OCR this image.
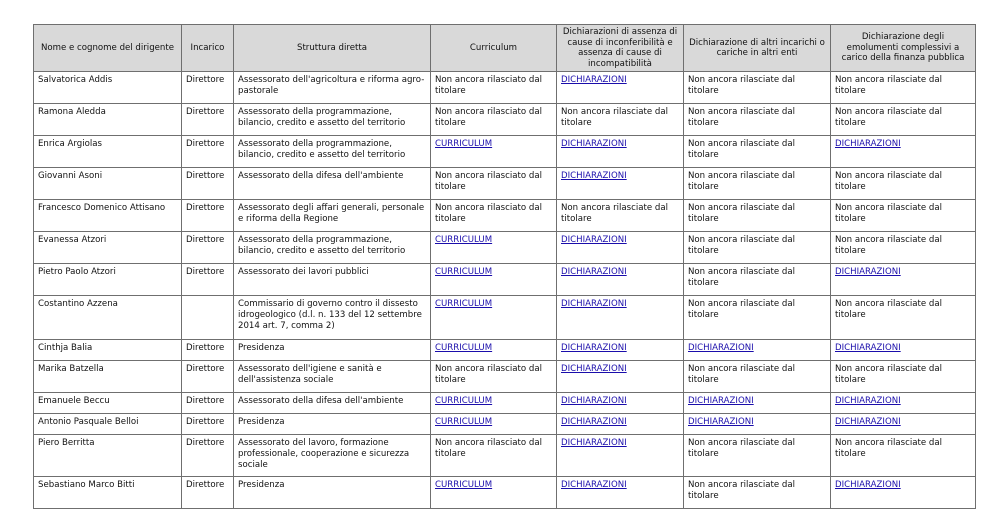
Nome e cognome del dirigente	Incarico	Struttura diretta	Curriculum	Dichiarazioni di assenza di cause di inconferibilità e assenza di cause di incompatibilità	Dichiarazione di altri incarichi o cariche in altri enti	Dichiarazione degli emolumenti complessivi a carico della finanza pubblica
Salvatorica Addis	Direttore	Assessorato dell'agricoltura e riforma agro-pastorale	Non ancora rilasciato dal titolare	DICHIARAZIONI	Non ancora rilasciate dal titolare	Non ancora rilasciate dal titolare
Ramona Aledda	Direttore	Assessorato della programmazione, bilancio, credito e assetto del territorio	Non ancora rilasciato dal titolare	Non ancora rilasciate dal titolare	Non ancora rilasciate dal titolare	Non ancora rilasciate dal titolare
Enrica Argiolas	Direttore	Assessorato della programmazione, bilancio, credito e assetto del territorio	CURRICULUM	DICHIARAZIONI	Non ancora rilasciate dal titolare	DICHIARAZIONI
Giovanni Asoni	Direttore	Assessorato della difesa dell'ambiente	Non ancora rilasciato dal titolare	DICHIARAZIONI	Non ancora rilasciate dal titolare	Non ancora rilasciate dal titolare
Francesco Domenico Attisano	Direttore	Assessorato degli affari generali, personale e riforma della Regione	Non ancora rilasciato dal titolare	Non ancora rilasciate dal titolare	Non ancora rilasciate dal titolare	Non ancora rilasciate dal titolare
Evanessa Atzori	Direttore	Assessorato della programmazione, bilancio, credito e assetto del territorio	CURRICULUM	DICHIARAZIONI	Non ancora rilasciate dal titolare	Non ancora rilasciate dal titolare
Pietro Paolo Atzori	Direttore	Assessorato dei lavori pubblici	CURRICULUM	DICHIARAZIONI	Non ancora rilasciate dal titolare	DICHIARAZIONI
Costantino Azzena		Commissario di governo contro il dissesto idrogeologico (d.l. n. 133 del 12 settembre 2014 art. 7, comma 2)	CURRICULUM	DICHIARAZIONI	Non ancora rilasciate dal titolare	Non ancora rilasciate dal titolare
Cinthja Balia	Direttore	Presidenza	CURRICULUM	DICHIARAZIONI	DICHIARAZIONI	DICHIARAZIONI
Marika Batzella	Direttore	Assessorato dell'igiene e sanità e dell'assistenza sociale	Non ancora rilasciato dal titolare	DICHIARAZIONI	Non ancora rilasciate dal titolare	Non ancora rilasciate dal titolare
Emanuele Beccu	Direttore	Assessorato della difesa dell'ambiente	CURRICULUM	DICHIARAZIONI	DICHIARAZIONI	DICHIARAZIONI
Antonio Pasquale Belloi	Direttore	Presidenza	CURRICULUM	DICHIARAZIONI	DICHIARAZIONI	DICHIARAZIONI
Piero Berritta	Direttore	Assessorato del lavoro, formazione professionale, cooperazione e sicurezza sociale	Non ancora rilasciato dal titolare	DICHIARAZIONI	Non ancora rilasciate dal titolare	Non ancora rilasciate dal titolare
Sebastiano Marco Bitti	Direttore	Presidenza	CURRICULUM	DICHIARAZIONI	Non ancora rilasciate dal titolare	DICHIARAZIONI
